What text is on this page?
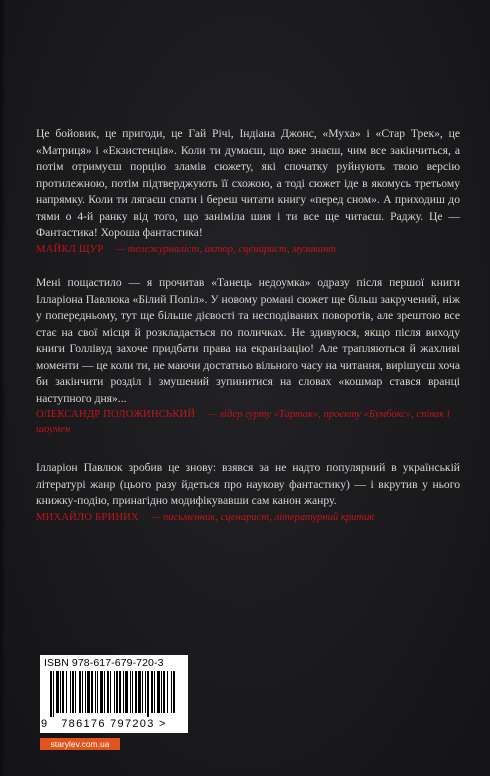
Це бойовик, це пригоди, це Гай Річі, Індіана Джонс, «Муха» і «Стар Трек», це «Матриця» і «Екзистенція». Коли ти думаєш, що вже знаєш, чим все закінчиться, а потім отримуєш порцію зламів сюжету, які спочатку руйнують твою версію протилежною, потім підтверджують її схожою, а тоді сюжет іде в якомусь третьому напрямку. Коли ти лягаєш спати і береш читати книгу «перед сном». А приходиш до тями о 4-й ранку від того, що заніміла шия і ти все ще читаєш. Раджу. Це — Фантастика! Хороша фантастика!

МАЙКЛ ЩУР — тележурналіст, актор, сценарист, музикант

Мені пощастило — я прочитав «Танець недоумка» одразу після першої книги Ілларіона Павлюка «Білий Попіл». У новому романі сюжет ще більш закручений, ніж у попередньому, тут ще більше дієвості та несподіваних поворотів, але зрештою все стає на свої місця й розкладається по поличках. Не здивуюся, якщо після виходу книги Голлівуд захоче придбати права на екранізацію! Але трапляються й жахливі моменти — це коли ти, не маючи достатньо вільного часу на читання, вирішуєш хоча би закінчити розділ і змушений зупинитися на словах «кошмар стався вранці наступного дня»...

ОЛЕКСАНДР ПОЛОЖИНСЬКИЙ — лідер гурту «Тартак», проєкту «Бумбокс», співак і шоумен

Ілларіон Павлюк зробив це знову: взявся за не надто популярний в українській літературі жанр (цього разу йдеться про наукову фантастику) — і вкрутив у нього книжку-подію, принагідно модифікувавши сам канон жанру.

МИХАЙЛО БРИНИХ — письменник, сценарист, літературний критик

ISBN 978-617-679-720-3
9 786176 797203 >
starylev.com.ua
